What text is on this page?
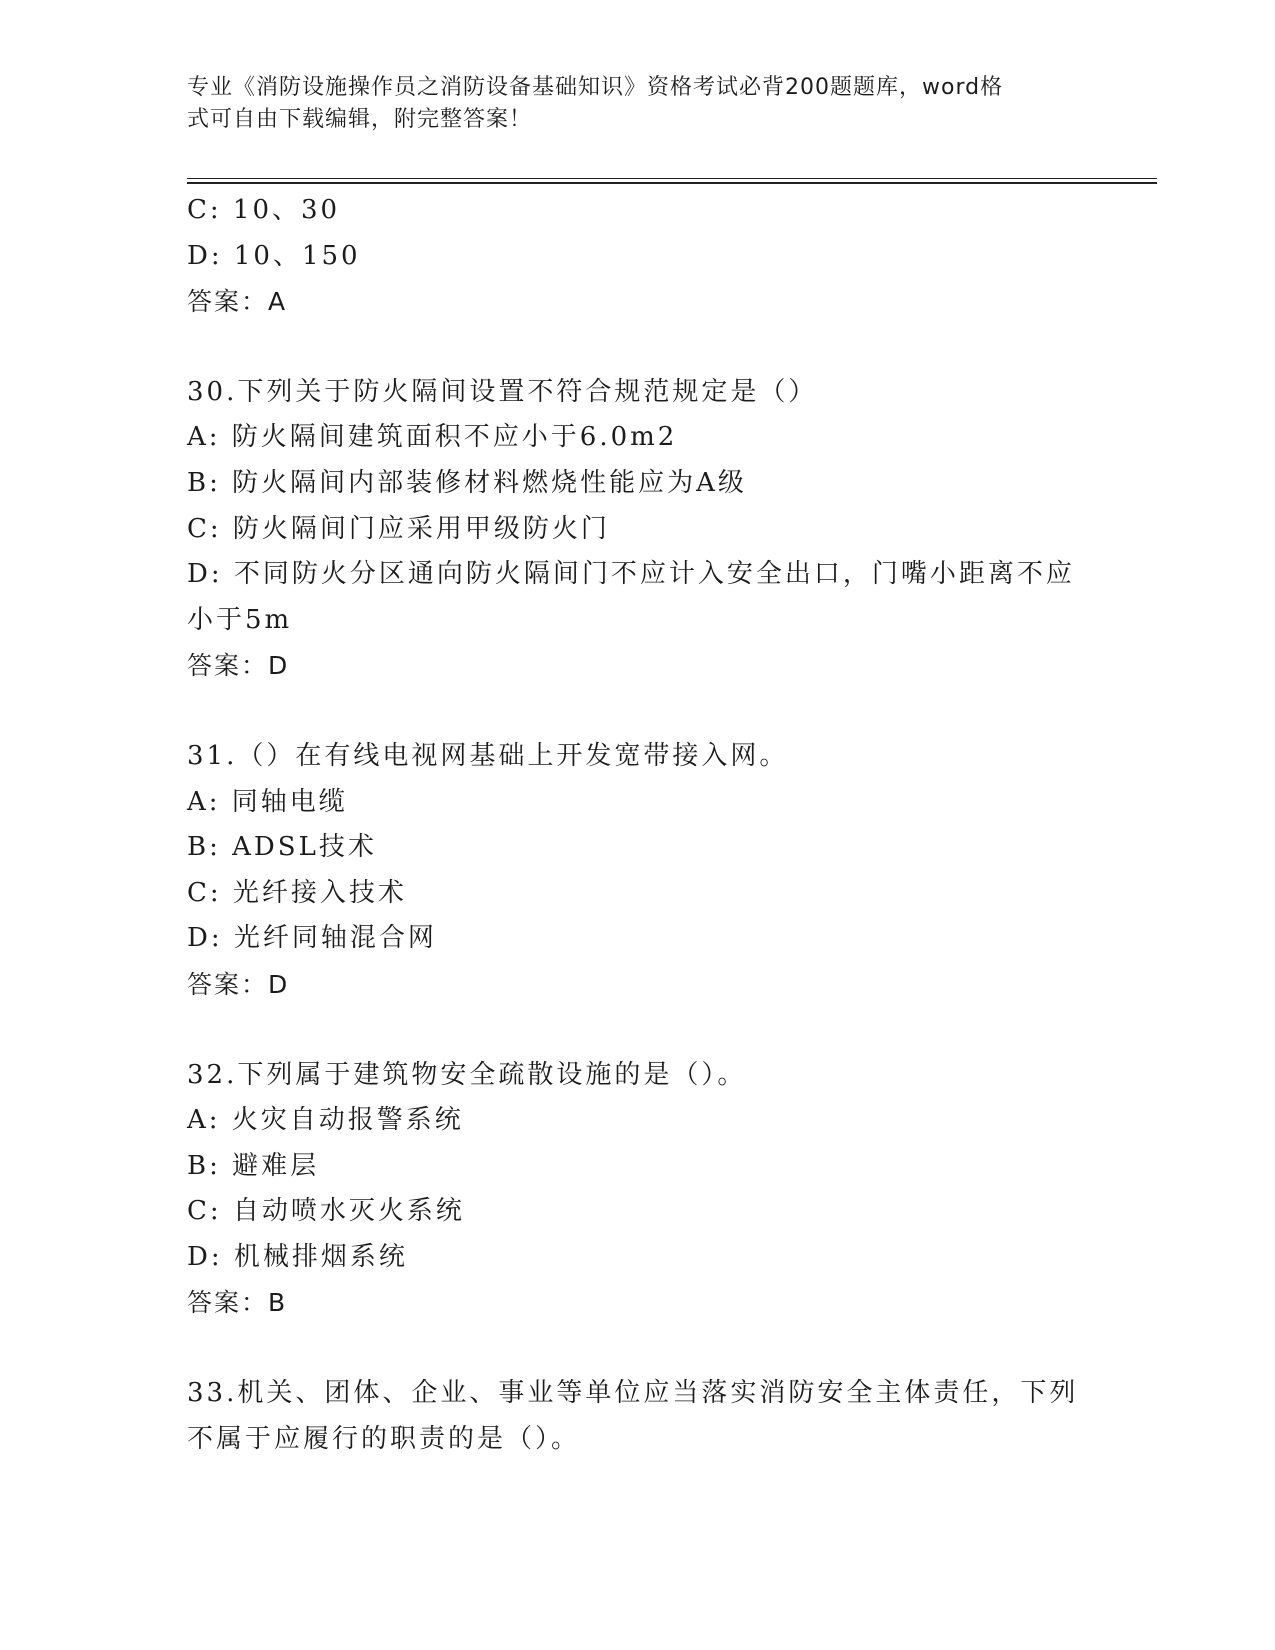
专业《消防设施操作员之消防设备基础知识》资格考试必背200题题库，word格
式可自由下载编辑，附完整答案！
C: 10、30
D: 10、150
答案：A
30.下列关于防火隔间设置不符合规范规定是（）
A: 防火隔间建筑面积不应小于6.0m2
B: 防火隔间内部装修材料燃烧性能应为A级
C: 防火隔间门应采用甲级防火门
D: 不同防火分区通向防火隔间门不应计入安全出口，门嘴小距离不应
小于5m
答案：D
31.（）在有线电视网基础上开发宽带接入网。
A: 同轴电缆
B: ADSL技术
C: 光纤接入技术
D: 光纤同轴混合网
答案：D
32.下列属于建筑物安全疏散设施的是（）。
A: 火灾自动报警系统
B: 避难层
C: 自动喷水灭火系统
D: 机械排烟系统
答案：B
33.机关、团体、企业、事业等单位应当落实消防安全主体责任，下列
不属于应履行的职责的是（）。
